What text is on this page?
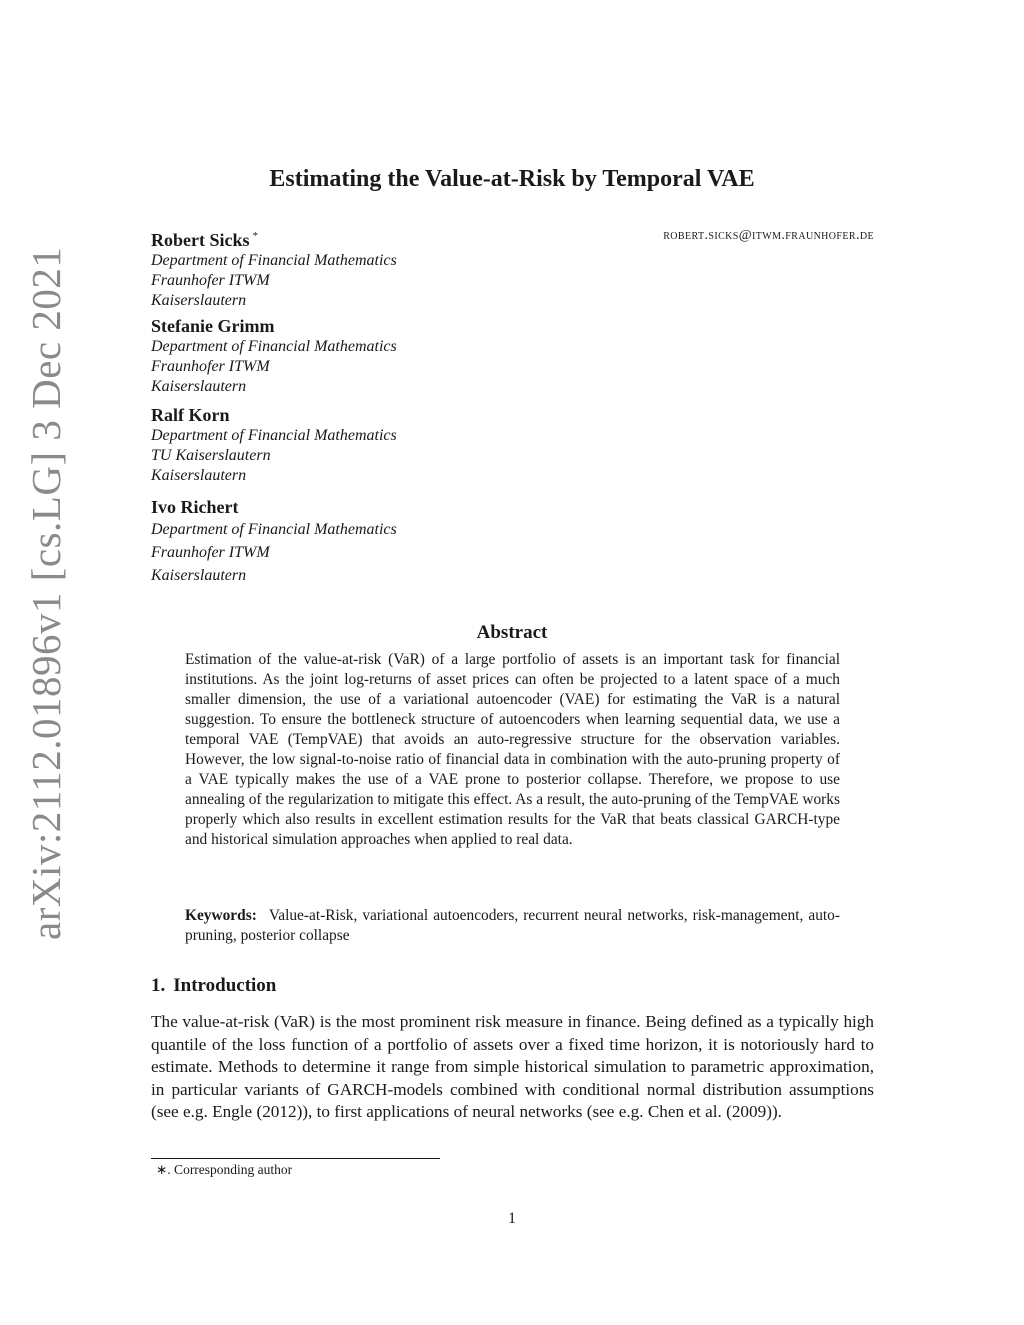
arXiv:2112.01896v1 [cs.LG] 3 Dec 2021
Estimating the Value-at-Risk by Temporal VAE
robert.sicks@itwm.fraunhofer.de
Robert Sicks *
Department of Financial Mathematics
Fraunhofer ITWM
Kaiserslautern
Stefanie Grimm
Department of Financial Mathematics
Fraunhofer ITWM
Kaiserslautern
Ralf Korn
Department of Financial Mathematics
TU Kaiserslautern
Kaiserslautern
Ivo Richert
Department of Financial Mathematics
Fraunhofer ITWM
Kaiserslautern
Abstract
Estimation of the value-at-risk (VaR) of a large portfolio of assets is an important task for financial institutions. As the joint log-returns of asset prices can often be projected to a latent space of a much smaller dimension, the use of a variational autoencoder (VAE) for estimating the VaR is a natural suggestion. To ensure the bottleneck structure of autoencoders when learning sequential data, we use a temporal VAE (TempVAE) that avoids an auto-regressive structure for the observation variables. However, the low signal-to-noise ratio of financial data in combination with the auto-pruning property of a VAE typically makes the use of a VAE prone to posterior collapse. Therefore, we propose to use annealing of the regularization to mitigate this effect. As a result, the auto-pruning of the TempVAE works properly which also results in excellent estimation results for the VaR that beats classical GARCH-type and historical simulation approaches when applied to real data.
Keywords: Value-at-Risk, variational autoencoders, recurrent neural networks, risk-management, auto-pruning, posterior collapse
1. Introduction
The value-at-risk (VaR) is the most prominent risk measure in finance. Being defined as a typically high quantile of the loss function of a portfolio of assets over a fixed time horizon, it is notoriously hard to estimate. Methods to determine it range from simple historical simulation to parametric approximation, in particular variants of GARCH-models combined with conditional normal distribution assumptions (see e.g. Engle (2012)), to first applications of neural networks (see e.g. Chen et al. (2009)).
∗. Corresponding author
1
